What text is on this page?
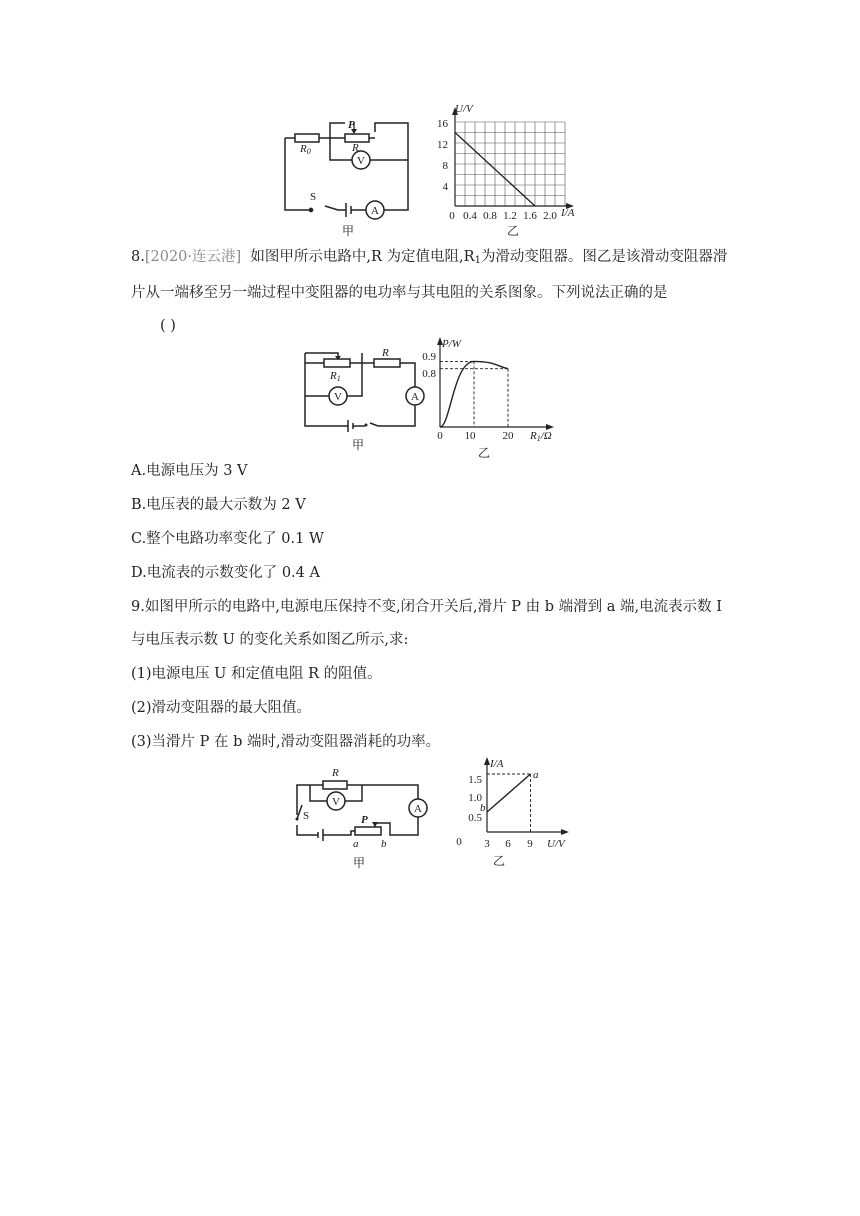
P
R0	R
V
A
S
甲
U/V
I/A
16
12
8
4
0 0.4 0.8 1.2 1.6 2.0
乙
8.[2020·连云港] 如图甲所示电路中,R 为定值电阻$,R_1$为滑动变阻器。图乙是该滑动变阻器滑
片从一端移至另一端过程中变阻器的电功率与其电阻的关系图象。下列说法正确的是
( )
R1
R
V	A
甲
P/W
0.9
0.8
0 10 20 R1/Ω
乙
A.电源电压为 3 V
B.电压表的最大示数为 2 V
C.整个电路功率变化了 0.1 W
D.电流表的示数变化了 0.4 A
9.如图甲所示的电路中,电源电压保持不变,闭合开关后,滑片 P 由 b 端滑到 a 端,电流表示数 I
与电压表示数 U 的变化关系如图乙所示,求:
(1)电源电压 U 和定值电阻 R 的阻值。
(2)滑动变阻器的最大阻值。
(3)当滑片 P 在 b 端时,滑动变阻器消耗的功率。
R
V
A
S	P
a b
甲
I/A
1.5
1.0
0.5
0 3 6 9 U/V
b
a
乙
